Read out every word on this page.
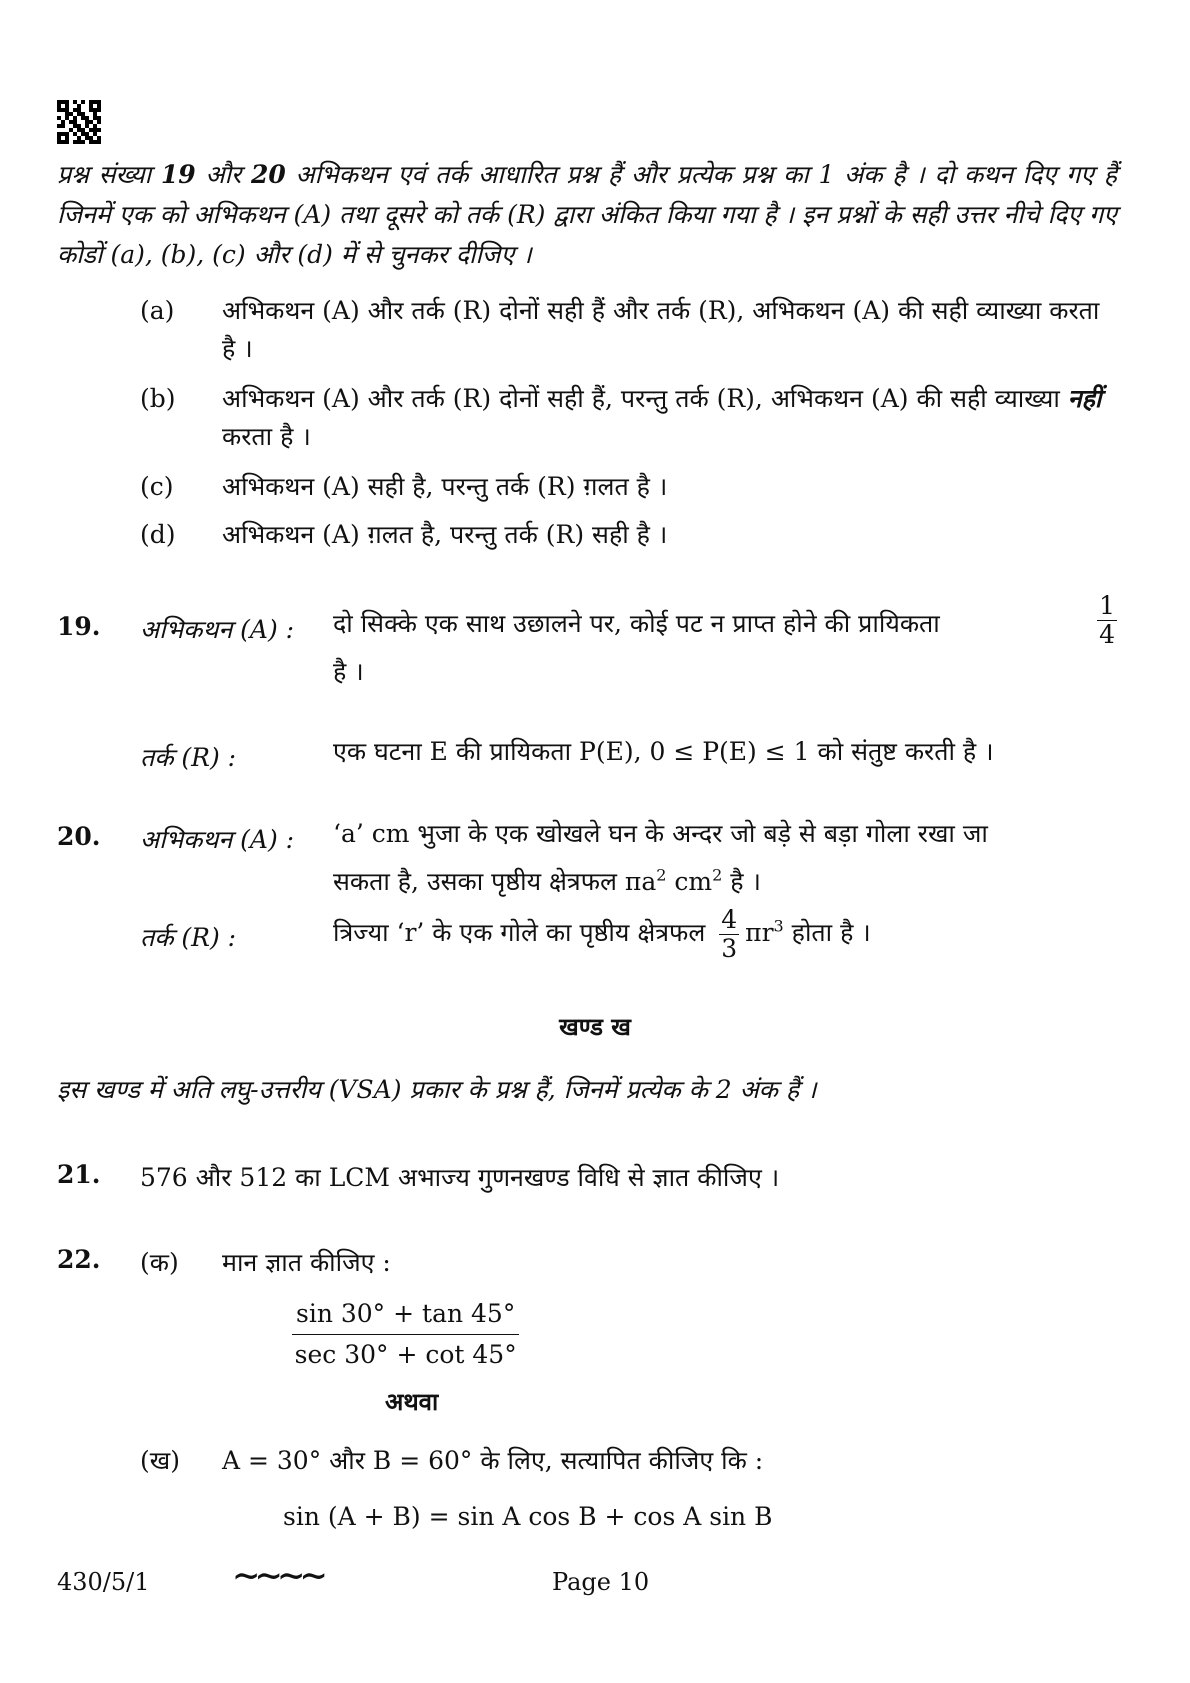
प्रश्न संख्या 19 और 20 अभिकथन एवं तर्क आधारित प्रश्न हैं और प्रत्येक प्रश्न का 1 अंक है । दो कथन दिए गए हैं जिनमें एक को अभिकथन (A) तथा दूसरे को तर्क (R) द्वारा अंकित किया गया है । इन प्रश्नों के सही उत्तर नीचे दिए गए कोडों (a), (b), (c) और (d) में से चुनकर दीजिए ।
(a) अभिकथन (A) और तर्क (R) दोनों सही हैं और तर्क (R), अभिकथन (A) की सही व्याख्या करता है ।
(b) अभिकथन (A) और तर्क (R) दोनों सही हैं, परन्तु तर्क (R), अभिकथन (A) की सही व्याख्या नहीं करता है ।
(c) अभिकथन (A) सही है, परन्तु तर्क (R) ग़लत है ।
(d) अभिकथन (A) ग़लत है, परन्तु तर्क (R) सही है ।
19. अभिकथन (A) : दो सिक्के एक साथ उछालने पर, कोई पट न प्राप्त होने की प्रायिकता	$\frac{1}{4}$

है ।
तर्क (R) :	एक घटना E की प्रायिकता P(E), 0 ≤ P(E) ≤ 1 को संतुष्ट करती है ।
20. अभिकथन (A) : ‘a’ cm भुजा के एक खोखले घन के अन्दर जो बड़े से बड़ा गोला रखा जा
सकता है, उसका पृष्ठीय क्षेत्रफल $\pi a^2$ $cm^2$ है ।
तर्क (R) :	त्रिज्या ‘r’ के एक गोले का पृष्ठीय क्षेत्रफल $\frac{4}{3} \pi r^3$ होता है ।
खण्ड ख
इस खण्ड में अति लघु-उत्तरीय (VSA) प्रकार के प्रश्न हैं, जिनमें प्रत्येक के 2 अंक हैं ।
21. 576 और 512 का LCM अभाज्य गुणनखण्ड विधि से ज्ञात कीजिए ।
22. (क) मान ज्ञात कीजिए :
sin 30° + tan 45°
sec 30° + cot 45°
अथवा
(ख) A = 30° और B = 60° के लिए, सत्यापित कीजिए कि :
sin (A + B) = sin A cos B + cos A sin B
430/5/1 ∼∼∼∼	Page 10
